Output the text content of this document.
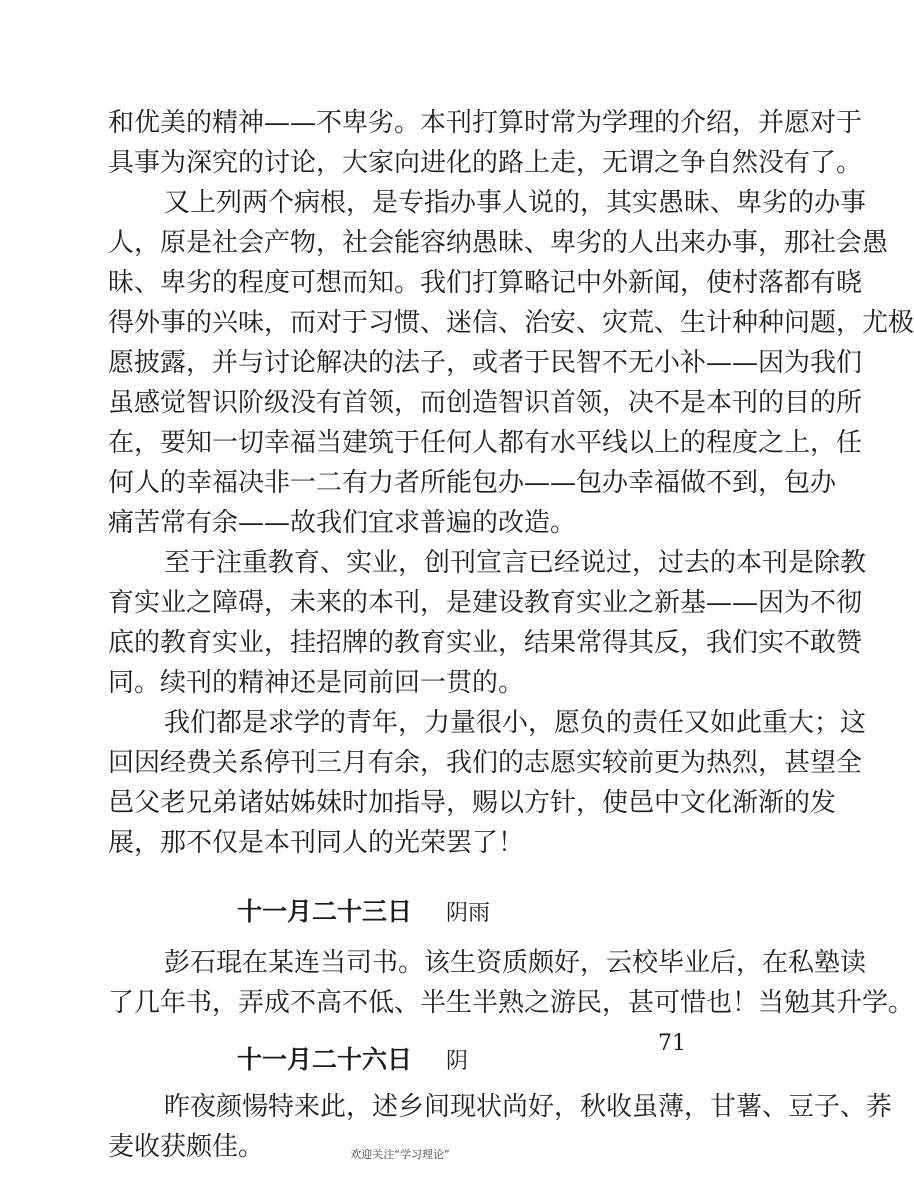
和优美的精神——不卑劣。本刊打算时常为学理的介绍，并愿对于
具事为深究的讨论，大家向进化的路上走，无谓之争自然没有了。
又上列两个病根，是专指办事人说的，其实愚昧、卑劣的办事
人，原是社会产物，社会能容纳愚昧、卑劣的人出来办事，那社会愚
昧、卑劣的程度可想而知。我们打算略记中外新闻，使村落都有晓
得外事的兴味，而对于习惯、迷信、治安、灾荒、生计种种问题，尤极
愿披露，并与讨论解决的法子，或者于民智不无小补——因为我们
虽感觉智识阶级没有首领，而创造智识首领，决不是本刊的目的所
在，要知一切幸福当建筑于任何人都有水平线以上的程度之上，任
何人的幸福决非一二有力者所能包办——包办幸福做不到，包办
痛苦常有余——故我们宜求普遍的改造。
至于注重教育、实业，创刊宣言已经说过，过去的本刊是除教
育实业之障碍，未来的本刊，是建设教育实业之新基——因为不彻
底的教育实业，挂招牌的教育实业，结果常得其反，我们实不敢赞
同。续刊的精神还是同前回一贯的。
我们都是求学的青年，力量很小，愿负的责任又如此重大；这
回因经费关系停刊三月有余，我们的志愿实较前更为热烈，甚望全
邑父老兄弟诸姑姊妹时加指导，赐以方针，使邑中文化渐渐的发
展，那不仅是本刊同人的光荣罢了！
十一月二十三日 阴雨
彭石琨在某连当司书。该生资质颇好，云校毕业后，在私塾读
了几年书，弄成不高不低、半生半熟之游民，甚可惜也！当勉其升学。
十一月二十六日 阴
昨夜颜愓特来此，述乡间现状尚好，秋收虽薄，甘薯、豆子、荞
麦收获颇佳。
71
欢迎关注“学习理论”
